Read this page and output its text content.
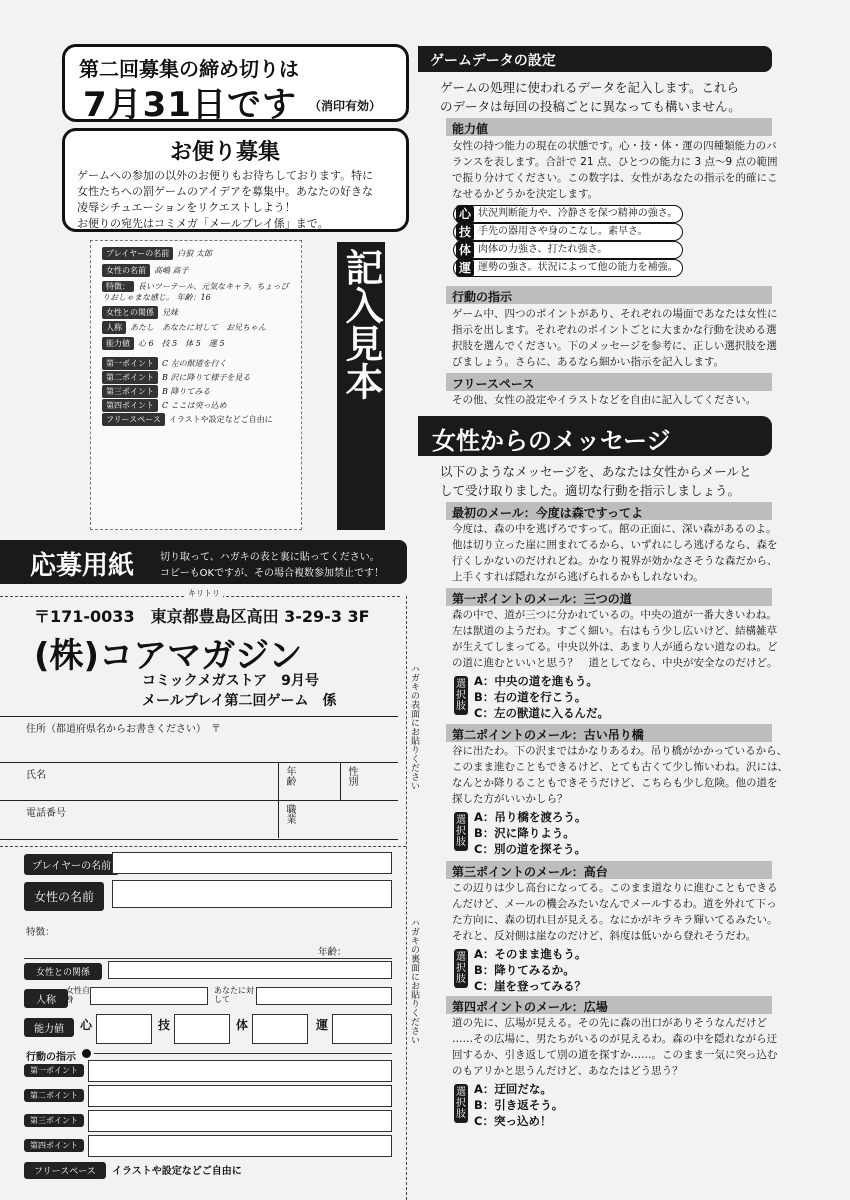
第二回募集の締め切りは
7月31日です （消印有効）
お便り募集
ゲームへの参加の以外のお便りもお待ちしております。特に
女性たちへの罰ゲームのアイデアを募集中。あなたの好きな
凌辱シチュエーションをリクエストしよう！
お便りの宛先はコミメガ「メールプレイ係」まで。
プレイヤーの名前 白狼 太郎
女性の名前 高嶋 高子
特徴： 長いツーテール、元気なキャラ。ちょっぴりおしゃまな感じ。 年齢：16
女性との関係 兄妹
人称 あたし　あなたに対して　お兄ちゃん
能力値 心 6　技 5　体 5　運 5
第一ポイント C 左の獣道を行く
第二ポイント B 沢に降りて様子を見る
第三ポイント B 降りてみる
第四ポイント C ここは突っ込め
フリースペース イラストや設定などご自由に
記入見本
応募用紙	切り取って、ハガキの表と裏に貼ってください。
コピーもOKですが、その場合複数参加禁止です！
キリトリ
〒171-0033　東京都豊島区高田 3-29-3 3F
(株)コアマガジン
コミックメガストア　9月号
メールプレイ第二回ゲーム　係	ハガキの表面にお貼りください
ハガキの裏面にお貼りください
住所（都道府県名からお書きください）　〒
氏名	年齢	性別
電話番号	職業
プレイヤーの名前
女性の名前
特徴：
年齢：
女性との関係
人称
女性自身
あなたに対して
能力値	心	技	体	運
行動の指示
第一ポイント
第二ポイント
第三ポイント
第四ポイント
フリースペース	イラストや設定などご自由に
ゲームデータの設定
ゲームの処理に使われるデータを記入します。これら
のデータは毎回の投稿ごとに異なっても構いません。
能力値
女性の持つ能力の現在の状態です。心・技・体・運の四種類能力のバ
ランスを表します。合計で 21 点、ひとつの能力に 3 点～9 点の範囲
で振り分けてください。この数字は、女性があなたの指示を的確にこ
なせるかどうかを決定します。
心 状況判断能力や、冷静さを保つ精神の強さ。
技 手先の器用さや身のこなし。素早さ。
体 肉体の力強さ、打たれ強さ。
運 運勢の強さ。状況によって他の能力を補強。
行動の指示
ゲーム中、四つのポイントがあり、それぞれの場面であなたは女性に
指示を出します。それぞれのポイントごとに大まかな行動を決める選
択肢を選んでください。下のメッセージを参考に、正しい選択肢を選
びましょう。さらに、あるなら細かい指示を記入します。
フリースペース
その他、女性の設定やイラストなどを自由に記入してください。
女性からのメッセージ
以下のようなメッセージを、あなたは女性からメールと
して受け取りました。適切な行動を指示しましょう。
最初のメール：今度は森ですってよ
今度は、森の中を逃げろですって。館の正面に、深い森があるのよ。
他は切り立った崖に囲まれてるから、いずれにしろ逃げるなら、森を
行くしかないのだけれどね。かなり視界が効かなさそうな森だから、
上手くすれば隠れながら逃げられるかもしれないわ。
第一ポイントのメール：三つの道
森の中で、道が三つに分かれているの。中央の道が一番大きいわね。
左は獣道のようだわ。すごく細い。右はもう少し広いけど、結構雑草
が生えてしまってる。中央以外は、あまり人が通らない道なのね。ど
の道に進むといいと思う？　道としてなら、中央が安全なのだけど。
選択肢
A：中央の道を進もう。
B：右の道を行こう。
C：左の獣道に入るんだ。
第二ポイントのメール：古い吊り橋
谷に出たわ。下の沢まではかなりあるわ。吊り橋がかかっているから、
このまま進むこともできるけど、とても古くて少し怖いわね。沢には、
なんとか降りることもできそうだけど、こちらも少し危険。他の道を
探した方がいいかしら？
選択肢
A：吊り橋を渡ろう。
B：沢に降りよう。
C：別の道を探そう。
第三ポイントのメール：高台
この辺りは少し高台になってる。このまま道なりに進むこともできる
んだけど、メールの機会みたいなんでメールするわ。道を外れて下っ
た方向に、森の切れ目が見える。なにかがキラキラ輝いてるみたい。
それと、反対側は崖なのだけど、斜度は低いから登れそうだわ。
選択肢
A：そのまま進もう。
B：降りてみるか。
C：崖を登ってみる？
第四ポイントのメール：広場
道の先に、広場が見える。その先に森の出口がありそうなんだけど
……その広場に、男たちがいるのが見えるわ。森の中を隠れながら迂
回するか、引き返して別の道を探すか……。このまま一気に突っ込む
のもアリかと思うんだけど、あなたはどう思う？
選択肢
A：迂回だな。
B：引き返そう。
C：突っ込め！
